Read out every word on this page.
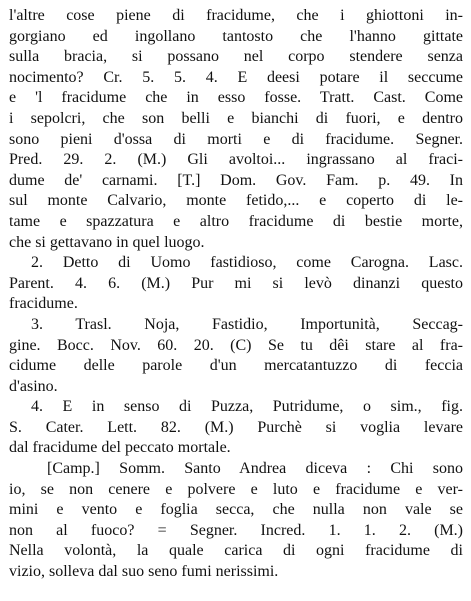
l'altre cose piene di fracidume, che i ghiottoni in-
gorgiano ed ingollano tantosto che l'hanno gittate
sulla bracia, si possano nel corpo stendere senza
nocimento? Cr. 5. 5. 4. E deesi potare il seccume
e 'l fracidume che in esso fosse. Tratt. Cast. Come
i sepolcri, che son belli e bianchi di fuori, e dentro
sono pieni d'ossa di morti e di fracidume. Segner.
Pred. 29. 2. (M.) Gli avoltoi... ingrassano al fraci-
dume de' carnami. [T.] Dom. Gov. Fam. p. 49. In
sul monte Calvario, monte fetido,... e coperto di le-
tame e spazzatura e altro fracidume di bestie morte,
che si gettavano in quel luogo.
2. Detto di Uomo fastidioso, come Carogna. Lasc.
Parent. 4. 6. (M.) Pur mi si levò dinanzi questo
fracidume.
3. Trasl. Noja, Fastidio, Importunità, Seccag-
gine. Bocc. Nov. 60. 20. (C) Se tu dêi stare al fra-
cidume delle parole d'un mercatantuzzo di feccia
d'asino.
4. E in senso di Puzza, Putridume, o sim., fig.
S. Cater. Lett. 82. (M.) Purchè si voglia levare
dal fracidume del peccato mortale.
[Camp.] Somm. Santo Andrea diceva : Chi sono
io, se non cenere e polvere e luto e fracidume e ver-
mini e vento e foglia secca, che nulla non vale se
non al fuoco? = Segner. Incred. 1. 1. 2. (M.)
Nella volontà, la quale carica di ogni fracidume di
vizio, solleva dal suo seno fumi nerissimi.
